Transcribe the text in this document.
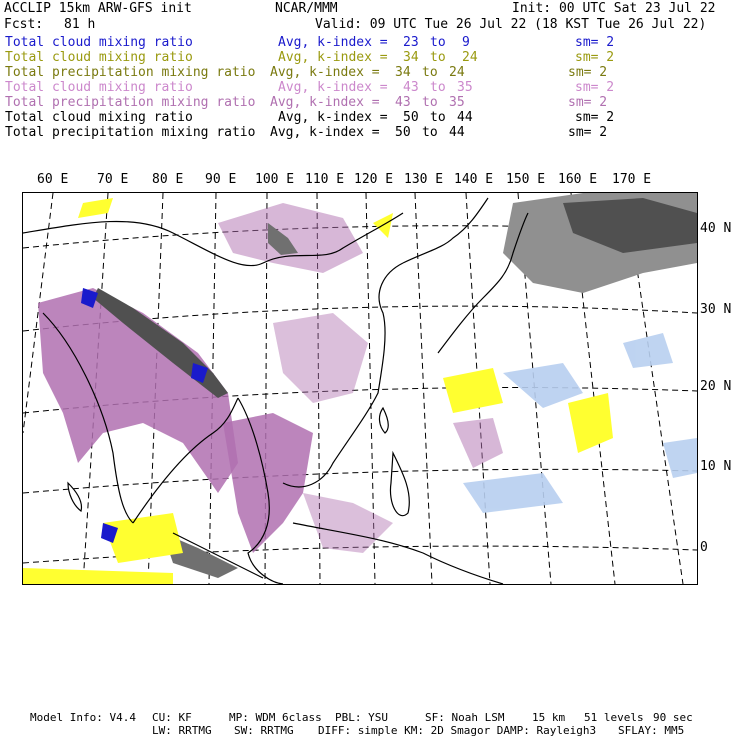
ACCLIP 15km ARW-GFS init	NCAR/MMM	Init: 00 UTC Sat 23 Jul 22
Fcst: 81 h	Valid: 09 UTC Tue 26 Jul 22 (18 KST Tue 26 Jul 22)
Total cloud mixing ratio	Avg, k-index = 23 to 9	sm= 2
Total cloud mixing ratio	Avg, k-index = 34 to 24	sm= 2
Total precipitation mixing ratio Avg, k-index = 34 to 24	sm= 2
Total cloud mixing ratio	Avg, k-index = 43 to 35	sm= 2
Total precipitation mixing ratio Avg, k-index = 43 to 35	sm= 2
Total cloud mixing ratio	Avg, k-index = 50 to 44	sm= 2
Total precipitation mixing ratio Avg, k-index = 50 to 44	sm= 2
60 E 70 E 80 E 90 E 100 E 110 E 120 E 130 E 140 E 150 E 160 E 170 E
40 N
30 N
20 N
10 N
0
Model Info: V4.4 CU: KF	MP: WDM 6class PBL: YSU	SF: Noah LSM	15 km 51 levels 90 sec
LW: RRTMG SW: RRTMG DIFF: simple KM: 2D Smagor DAMP: Rayleigh3 SFLAY: MM5
